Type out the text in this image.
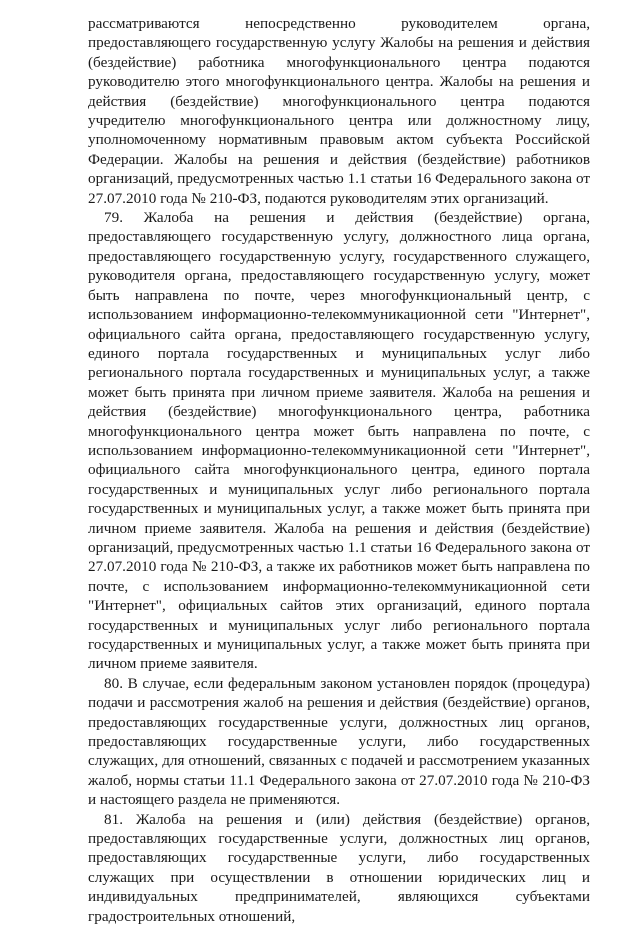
рассматриваются непосредственно руководителем органа, предоставляющего государственную услугу Жалобы на решения и действия (бездействие) работника многофункционального центра подаются руководителю этого многофункционального центра. Жалобы на решения и действия (бездействие) многофункционального центра подаются учредителю многофункционального центра или должностному лицу, уполномоченному нормативным правовым актом субъекта Российской Федерации. Жалобы на решения и действия (бездействие) работников организаций, предусмотренных частью 1.1 статьи 16 Федерального закона от 27.07.2010 года № 210-ФЗ, подаются руководителям этих организаций.

79. Жалоба на решения и действия (бездействие) органа, предоставляющего государственную услугу, должностного лица органа, предоставляющего государственную услугу, государственного служащего, руководителя органа, предоставляющего государственную услугу, может быть направлена по почте, через многофункциональный центр, с использованием информационно-телекоммуникационной сети "Интернет", официального сайта органа, предоставляющего государственную услугу, единого портала государственных и муниципальных услуг либо регионального портала государственных и муниципальных услуг, а также может быть принята при личном приеме заявителя. Жалоба на решения и действия (бездействие) многофункционального центра, работника многофункционального центра может быть направлена по почте, с использованием информационно-телекоммуникационной сети "Интернет", официального сайта многофункционального центра, единого портала государственных и муниципальных услуг либо регионального портала государственных и муниципальных услуг, а также может быть принята при личном приеме заявителя. Жалоба на решения и действия (бездействие) организаций, предусмотренных частью 1.1 статьи 16 Федерального закона от 27.07.2010 года № 210-ФЗ, а также их работников может быть направлена по почте, с использованием информационно-телекоммуникационной сети "Интернет", официальных сайтов этих организаций, единого портала государственных и муниципальных услуг либо регионального портала государственных и муниципальных услуг, а также может быть принята при личном приеме заявителя.

80. В случае, если федеральным законом установлен порядок (процедура) подачи и рассмотрения жалоб на решения и действия (бездействие) органов, предоставляющих государственные услуги, должностных лиц органов, предоставляющих государственные услуги, либо государственных служащих, для отношений, связанных с подачей и рассмотрением указанных жалоб, нормы статьи 11.1 Федерального закона от 27.07.2010 года № 210-ФЗ и настоящего раздела не применяются.

81. Жалоба на решения и (или) действия (бездействие) органов, предоставляющих государственные услуги, должностных лиц органов, предоставляющих государственные услуги, либо государственных служащих при осуществлении в отношении юридических лиц и индивидуальных предпринимателей, являющихся субъектами градостроительных отношений,
